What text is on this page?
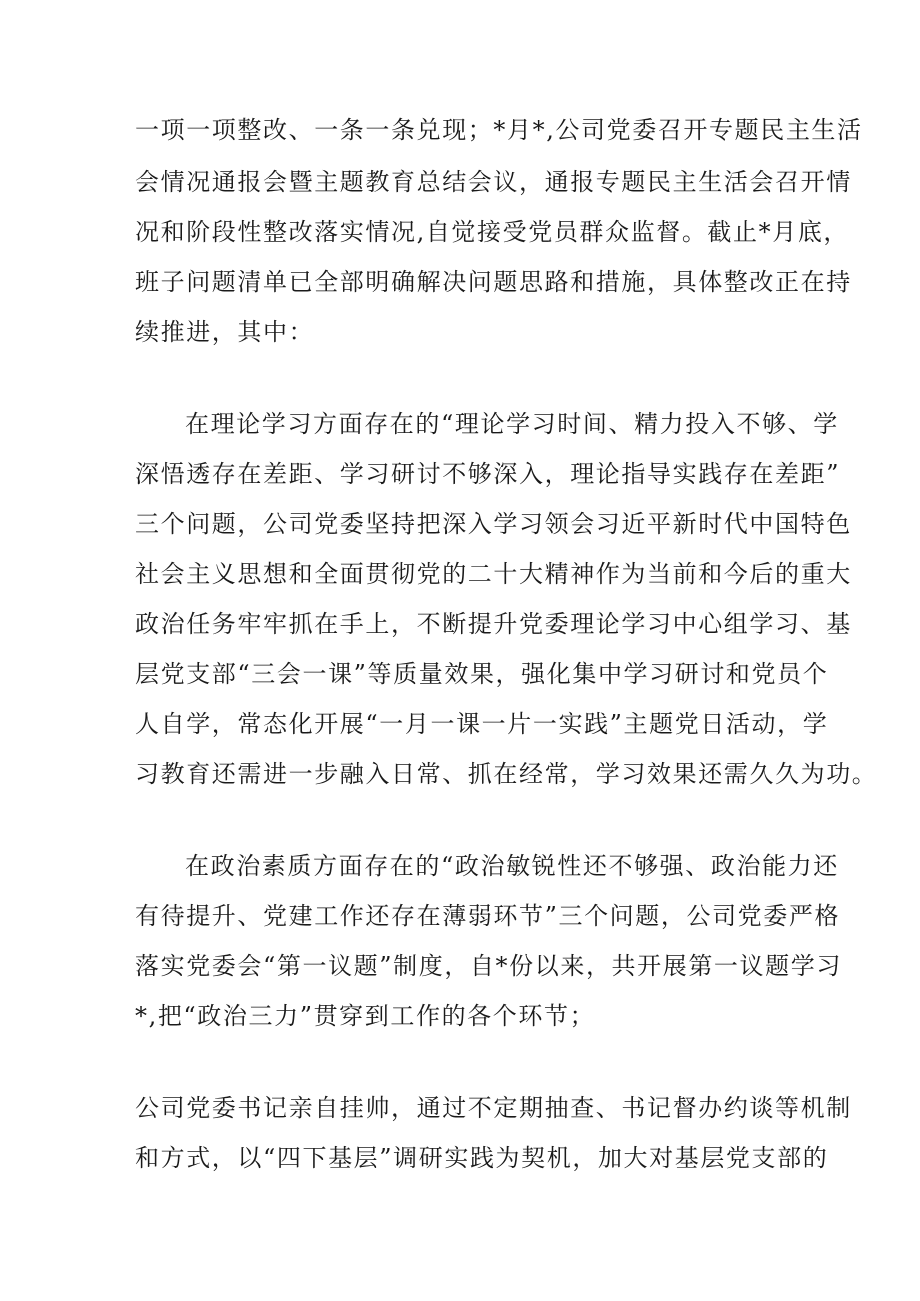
一项一项整改、一条一条兑现；*月*,公司党委召开专题民主生活

会情况通报会暨主题教育总结会议，通报专题民主生活会召开情

况和阶段性整改落实情况,自觉接受党员群众监督。截止*月底，

班子问题清单已全部明确解决问题思路和措施，具体整改正在持

续推进，其中：

在理论学习方面存在的“理论学习时间、精力投入不够、学

深悟透存在差距、学习研讨不够深入，理论指导实践存在差距”

三个问题，公司党委坚持把深入学习领会习近平新时代中国特色

社会主义思想和全面贯彻党的二十大精神作为当前和今后的重大

政治任务牢牢抓在手上，不断提升党委理论学习中心组学习、基

层党支部“三会一课”等质量效果，强化集中学习研讨和党员个

人自学，常态化开展“一月一课一片一实践”主题党日活动，学

习教育还需进一步融入日常、抓在经常，学习效果还需久久为功。

在政治素质方面存在的“政治敏锐性还不够强、政治能力还

有待提升、党建工作还存在薄弱环节”三个问题，公司党委严格

落实党委会“第一议题”制度，自*份以来，共开展第一议题学习

*,把“政治三力”贯穿到工作的各个环节；

公司党委书记亲自挂帅，通过不定期抽查、书记督办约谈等机制

和方式，以“四下基层”调研实践为契机，加大对基层党支部的
